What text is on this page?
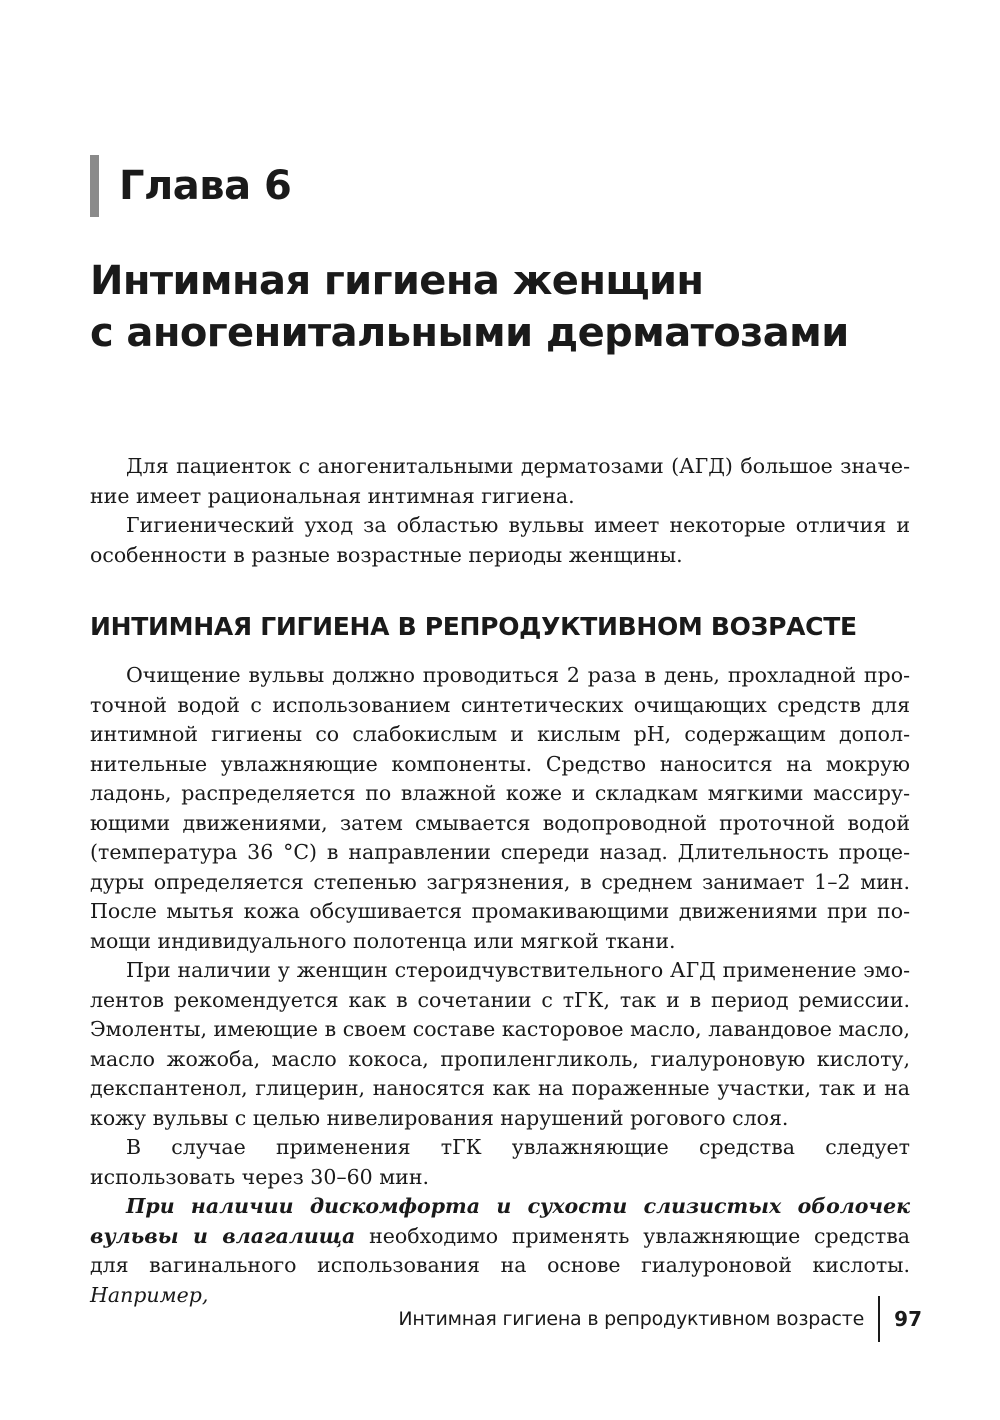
Глава 6
Интимная гигиена женщин
с аногенитальными дерматозами

Для пациенток с аногенитальными дерматозами (АГД) большое значение имеет рациональная интимная гигиена.

Гигиенический уход за областью вульвы имеет некоторые отличия и особенности в разные возрастные периоды женщины.

ИНТИМНАЯ ГИГИЕНА В РЕПРОДУКТИВНОМ ВОЗРАСТЕ

Очищение вульвы должно проводиться 2 раза в день, прохладной проточной водой с использованием синтетических очищающих средств для интимной гигиены со слабокислым и кислым pH, содержащим дополнительные увлажняющие компоненты. Средство наносится на мокрую ладонь, распределяется по влажной коже и складкам мягкими массирующими движениями, затем смывается водопроводной проточной водой (температура 36 °C) в направлении спереди назад. Длительность процедуры определяется степенью загрязнения, в среднем занимает 1–2 мин. После мытья кожа обсушивается промакивающими движениями при помощи индивидуального полотенца или мягкой ткани.

При наличии у женщин стероидчувствительного АГД применение эмолентов рекомендуется как в сочетании с тГК, так и в период ремиссии. Эмоленты, имеющие в своем составе касторовое масло, лавандовое масло, масло жожоба, масло кокоса, пропиленгликоль, гиалуроновую кислоту, декспантенол, глицерин, наносятся как на пораженные участки, так и на кожу вульвы с целью нивелирования нарушений рогового слоя.

В случае применения тГК увлажняющие средства следует использовать через 30–60 мин.

При наличии дискомфорта и сухости слизистых оболочек вульвы и влагалища необходимо применять увлажняющие средства для вагинального использования на основе гиалуроновой кислоты. Например,

Интимная гигиена в репродуктивном возрасте 97
